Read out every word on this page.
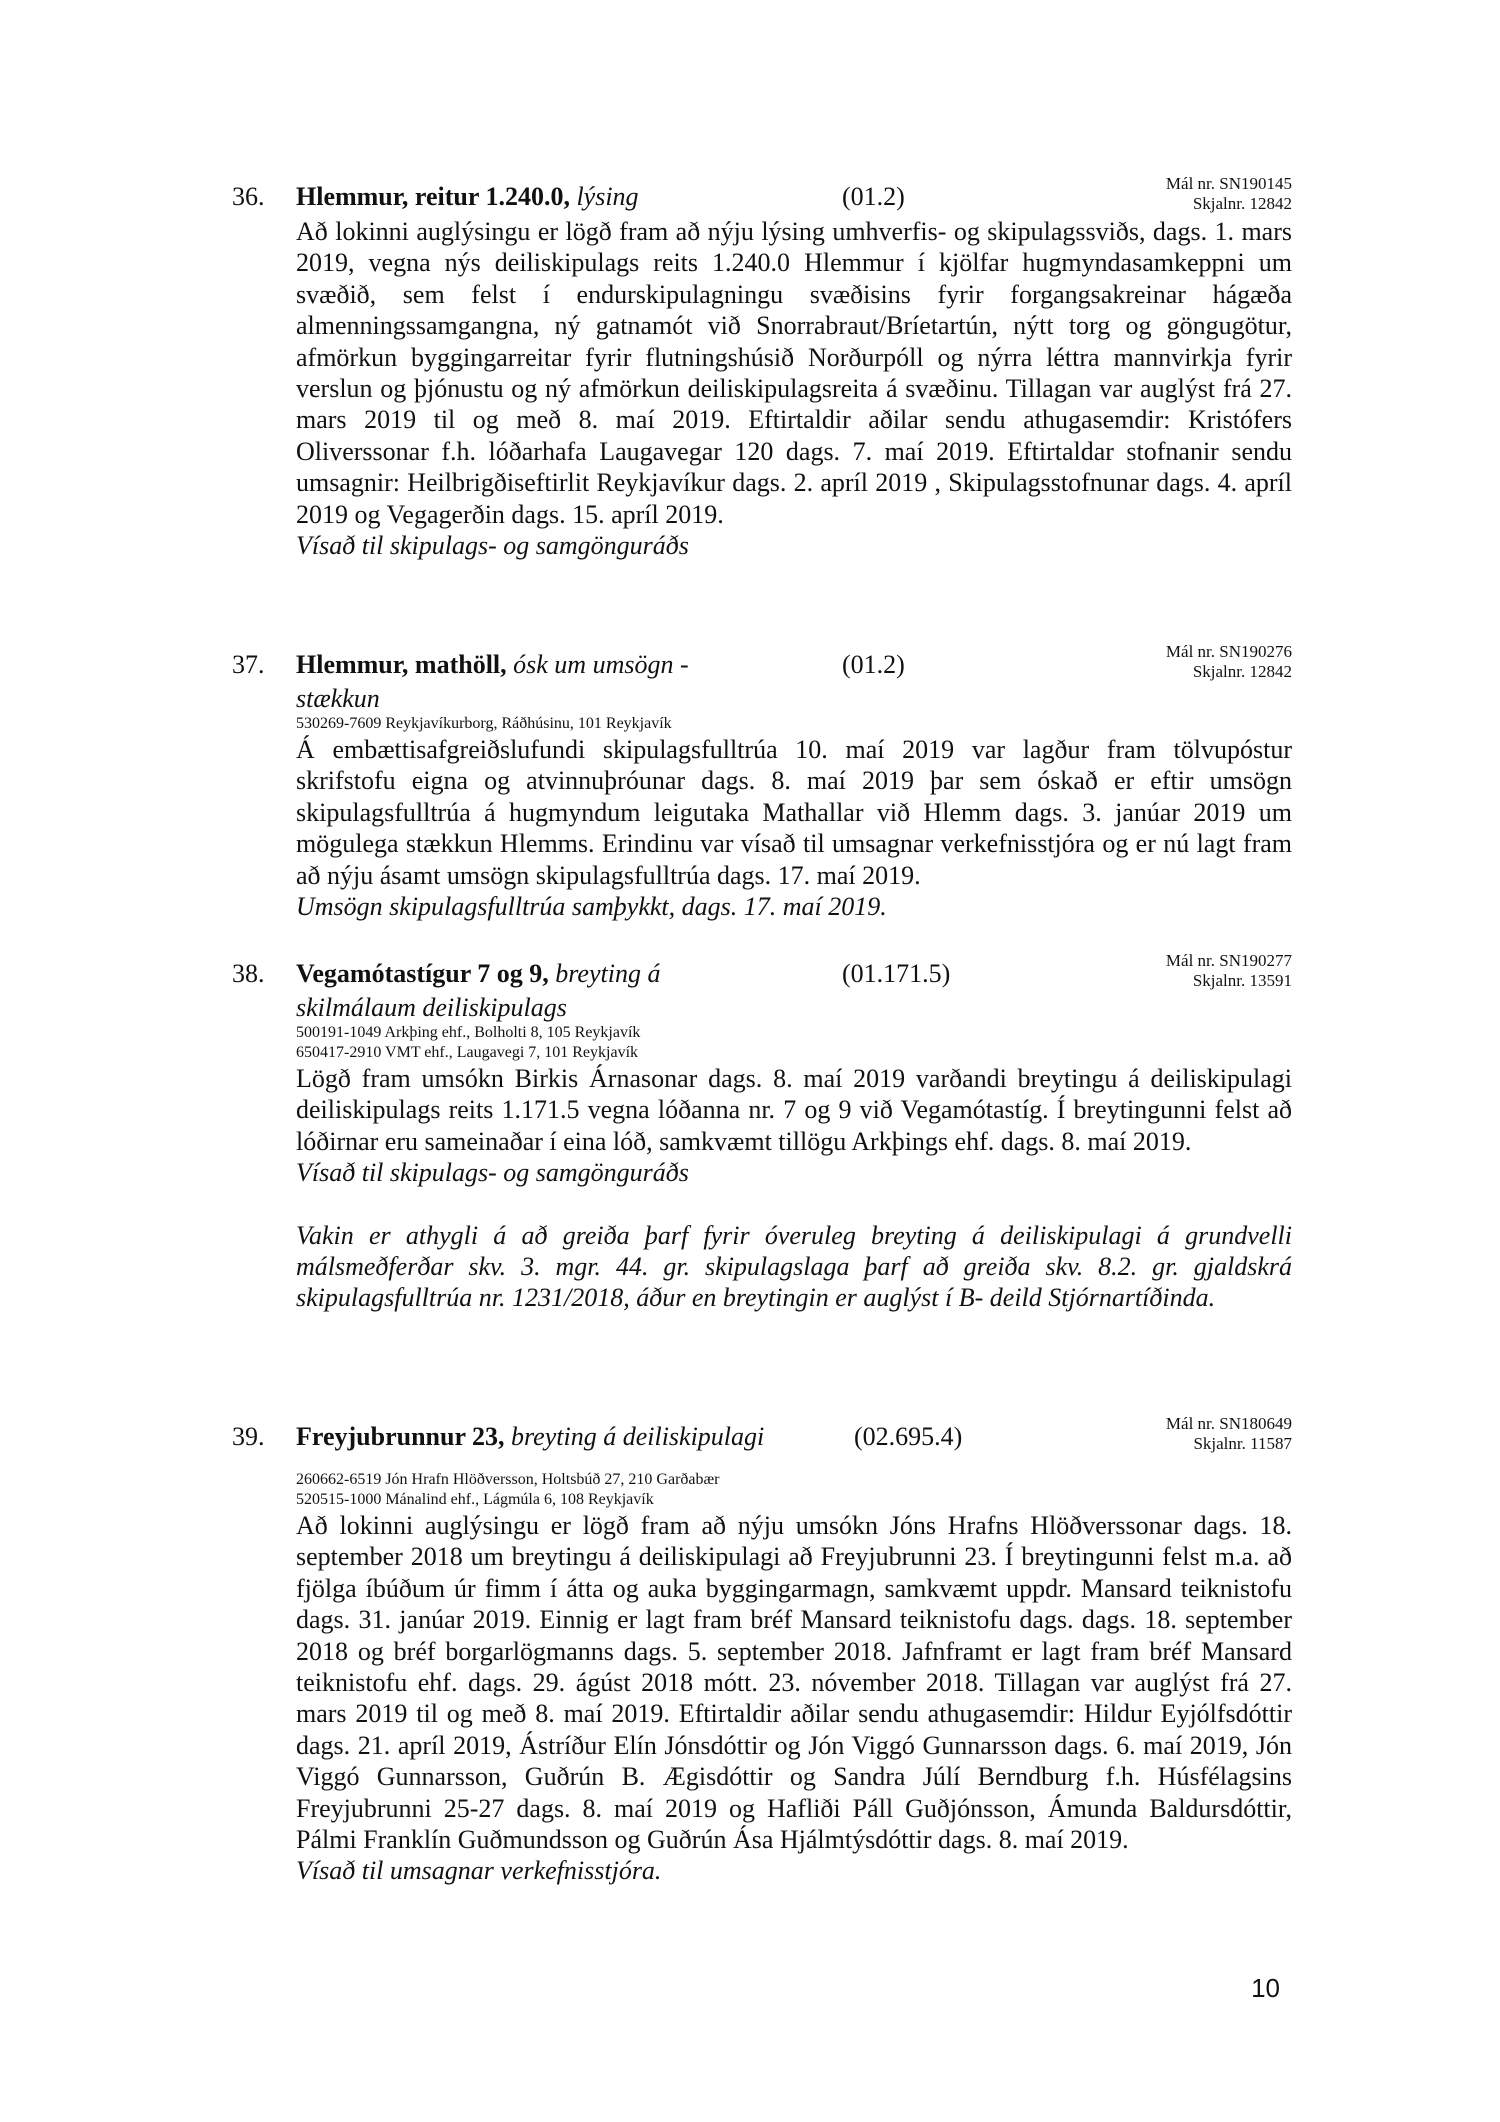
36. Hlemmur, reitur 1.240.0, lýsing	(01.2)	Mál nr. SN190145
Skjalnr. 12842
Að lokinni auglýsingu er lögð fram að nýju lýsing umhverfis- og skipulagssviðs, dags. 1. mars 2019, vegna nýs deiliskipulags reits 1.240.0 Hlemmur í kjölfar hugmyndasamkeppni um svæðið, sem felst í endurskipulagningu svæðisins fyrir forgangsakreinar hágæða almenningssamgangna, ný gatnamót við Snorrabraut/Bríetartún, nýtt torg og göngugötur, afmörkun byggingarreitar fyrir flutningshúsið Norðurpóll og nýrra léttra mannvirkja fyrir verslun og þjónustu og ný afmörkun deiliskipulagsreita á svæðinu. Tillagan var auglýst frá 27. mars 2019 til og með 8. maí 2019. Eftirtaldir aðilar sendu athugasemdir: Kristófers Oliverssonar f.h. lóðarhafa Laugavegar 120 dags. 7. maí 2019. Eftirtaldar stofnanir sendu umsagnir: Heilbrigðiseftirlit Reykjavíkur dags. 2. apríl 2019 , Skipulagsstofnunar dags. 4. apríl 2019 og Vegagerðin dags. 15. apríl 2019.
Vísað til skipulags- og samgönguráðs
37. Hlemmur, mathöll, ósk um umsögn - stækkun
(01.2)	Mál nr. SN190276
Skjalnr. 12842
530269-7609 Reykjavíkurborg, Ráðhúsinu, 101 Reykjavík
Á embættisafgreiðslufundi skipulagsfulltrúa 10. maí 2019 var lagður fram tölvupóstur skrifstofu eigna og atvinnuþróunar dags. 8. maí 2019 þar sem óskað er eftir umsögn skipulagsfulltrúa á hugmyndum leigutaka Mathallar við Hlemm dags. 3. janúar 2019 um mögulega stækkun Hlemms. Erindinu var vísað til umsagnar verkefnisstjóra og er nú lagt fram að nýju ásamt umsögn skipulagsfulltrúa dags. 17. maí 2019.
Umsögn skipulagsfulltrúa samþykkt, dags. 17. maí 2019.
38. Vegamótastígur 7 og 9, breyting á skilmálaum deiliskipulags
(01.171.5)	Mál nr. SN190277
Skjalnr. 13591
500191-1049 Arkþing ehf., Bolholti 8, 105 Reykjavík
650417-2910 VMT ehf., Laugavegi 7, 101 Reykjavík
Lögð fram umsókn Birkis Árnasonar dags. 8. maí 2019 varðandi breytingu á deiliskipulagi deiliskipulags reits 1.171.5 vegna lóðanna nr. 7 og 9 við Vegamótastíg. Í breytingunni felst að lóðirnar eru sameinaðar í eina lóð, samkvæmt tillögu Arkþings ehf. dags. 8. maí 2019.
Vísað til skipulags- og samgönguráðs
Vakin er athygli á að greiða þarf fyrir óveruleg breyting á deiliskipulagi á grundvelli málsmeðferðar skv. 3. mgr. 44. gr. skipulagslaga þarf að greiða skv. 8.2. gr. gjaldskrá skipulagsfulltrúa nr. 1231/2018, áður en breytingin er auglýst í B- deild Stjórnartíðinda.
39. Freyjubrunnur 23, breyting á deiliskipulagi	(02.695.4)	Mál nr. SN180649
Skjalnr. 11587
260662-6519 Jón Hrafn Hlöðversson, Holtsbúð 27, 210 Garðabær
520515-1000 Mánalind ehf., Lágmúla 6, 108 Reykjavík
Að lokinni auglýsingu er lögð fram að nýju umsókn Jóns Hrafns Hlöðverssonar dags. 18. september 2018 um breytingu á deiliskipulagi að Freyjubrunni 23. Í breytingunni felst m.a. að fjölga íbúðum úr fimm í átta og auka byggingarmagn, samkvæmt uppdr. Mansard teiknistofu dags. 31. janúar 2019. Einnig er lagt fram bréf Mansard teiknistofu dags. dags. 18. september 2018 og bréf borgarlögmanns dags. 5. september 2018. Jafnframt er lagt fram bréf Mansard teiknistofu ehf. dags. 29. ágúst 2018 mótt. 23. nóvember 2018. Tillagan var auglýst frá 27. mars 2019 til og með 8. maí 2019. Eftirtaldir aðilar sendu athugasemdir: Hildur Eyjólfsdóttir dags. 21. apríl 2019, Ástríður Elín Jónsdóttir og Jón Viggó Gunnarsson dags. 6. maí 2019, Jón Viggó Gunnarsson, Guðrún B. Ægisdóttir og Sandra Júlí Berndburg f.h. Húsfélagsins Freyjubrunni 25-27 dags. 8. maí 2019 og Hafliði Páll Guðjónsson, Ámunda Baldursdóttir, Pálmi Franklín Guðmundsson og Guðrún Ása Hjálmtýsdóttir dags. 8. maí 2019.
Vísað til umsagnar verkefnisstjóra.
10
